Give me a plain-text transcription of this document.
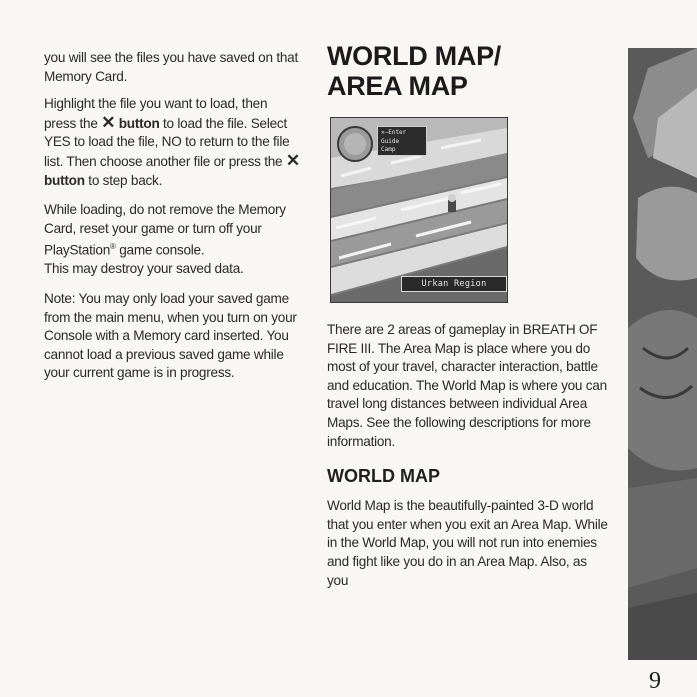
you will see the files you have saved on that Memory Card.

Highlight the file you want to load, then press the ✕ button to load the file. Select YES to load the file, NO to return to the file list. Then choose another file or press the ✕ button to step back.

While loading, do not remove the Memory Card, reset your game or turn off your PlayStation® game console.
This may destroy your saved data.

Note: You may only load your saved game from the main menu, when you turn on your Console with a Memory card inserted. You cannot load a previous saved game while your current game is in progress.

WORLD MAP/
AREA MAP
✕–Enter
Guide
Camp
Urkan Region

There are 2 areas of gameplay in BREATH OF FIRE III. The Area Map is place where you do most of your travel, character interaction, battle and education. The World Map is where you can travel long distances between individual Area Maps. See the following descriptions for more information.

WORLD MAP

World Map is the beautifully-painted 3-D world that you enter when you exit an Area Map. While in the World Map, you will not run into enemies and fight like you do in an Area Map. Also, as you

9
